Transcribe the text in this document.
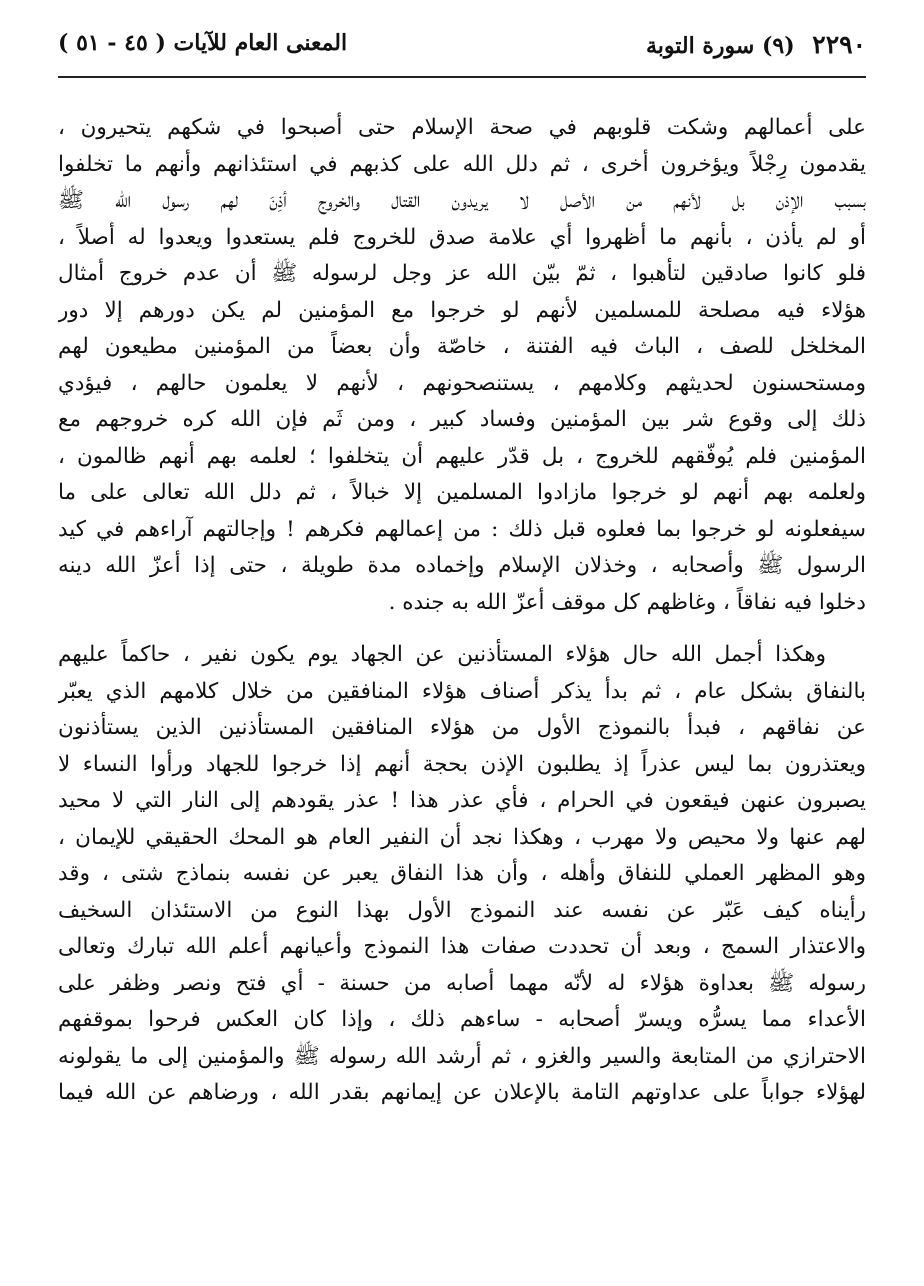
٢٢٩٠ (٩) سورة التوبة
المعنى العام للآيات ( ٤٥ - ٥١ )
على أعمالهم وشكت قلوبهم في صحة الإسلام حتى أصبحوا في شكهم يتحيرون ،
يقدمون رِجْلاً ويؤخرون أخرى ، ثم دلل الله على كذبهم في استئذانهم وأنهم ما تخلفوا
بسبب الإذن بل لأنهم من الأصل لا يريدون القتال والخروج أذِنَ لهم رسول الله ﷺ
أو لم يأذن ، بأنهم ما أظهروا أي علامة صدق للخروج فلم يستعدوا ويعدوا له أصلاً ،
فلو كانوا صادقين لتأهبوا ، ثمّ بيّن الله عز وجل لرسوله ﷺ أن عدم خروج أمثال
هؤلاء فيه مصلحة للمسلمين لأنهم لو خرجوا مع المؤمنين لم يكن دورهم إلا دور
المخلخل للصف ، الباث فيه الفتنة ، خاصّة وأن بعضاً من المؤمنين مطيعون لهم
ومستحسنون لحديثهم وكلامهم ، يستنصحونهم ، لأنهم لا يعلمون حالهم ، فيؤدي
ذلك إلى وقوع شر بين المؤمنين وفساد كبير ، ومن ثَم فإن الله كره خروجهم مع
المؤمنين فلم يُوفّقهم للخروج ، بل قدّر عليهم أن يتخلفوا ؛ لعلمه بهم أنهم ظالمون ،
ولعلمه بهم أنهم لو خرجوا مازادوا المسلمين إلا خبالاً ، ثم دلل الله تعالى على ما
سيفعلونه لو خرجوا بما فعلوه قبل ذلك : من إعمالهم فكرهم ! وإجالتهم آراءهم في كيد
الرسول ﷺ وأصحابه ، وخذلان الإسلام وإخماده مدة طويلة ، حتى إذا أعزّ الله دينه
دخلوا فيه نفاقاً ، وغاظهم كل موقف أعزّ الله به جنده .
وهكذا أجمل الله حال هؤلاء المستأذنين عن الجهاد يوم يكون نفير ، حاكماً عليهم
بالنفاق بشكل عام ، ثم بدأ يذكر أصناف هؤلاء المنافقين من خلال كلامهم الذي يعبّر
عن نفاقهم ، فبدأ بالنموذج الأول من هؤلاء المنافقين المستأذنين الذين يستأذنون
ويعتذرون بما ليس عذراً إذ يطلبون الإذن بحجة أنهم إذا خرجوا للجهاد ورأوا النساء لا
يصبرون عنهن فيقعون في الحرام ، فأي عذر هذا ! عذر يقودهم إلى النار التي لا محيد
لهم عنها ولا محيص ولا مهرب ، وهكذا نجد أن النفير العام هو المحك الحقيقي للإيمان ،
وهو المظهر العملي للنفاق وأهله ، وأن هذا النفاق يعبر عن نفسه بنماذج شتى ، وقد
رأيناه كيف عَبّر عن نفسه عند النموذج الأول بهذا النوع من الاستئذان السخيف
والاعتذار السمج ، وبعد أن تحددت صفات هذا النموذج وأعيانهم أعلم الله تبارك وتعالى
رسوله ﷺ بعداوة هؤلاء له لأنّه مهما أصابه من حسنة - أي فتح ونصر وظفر على
الأعداء مما يسرُّه ويسرّ أصحابه - ساءهم ذلك ، وإذا كان العكس فرحوا بموقفهم
الاحترازي من المتابعة والسير والغزو ، ثم أرشد الله رسوله ﷺ والمؤمنين إلى ما يقولونه
لهؤلاء جواباً على عداوتهم التامة بالإعلان عن إيمانهم بقدر الله ، ورضاهم عن الله فيما
